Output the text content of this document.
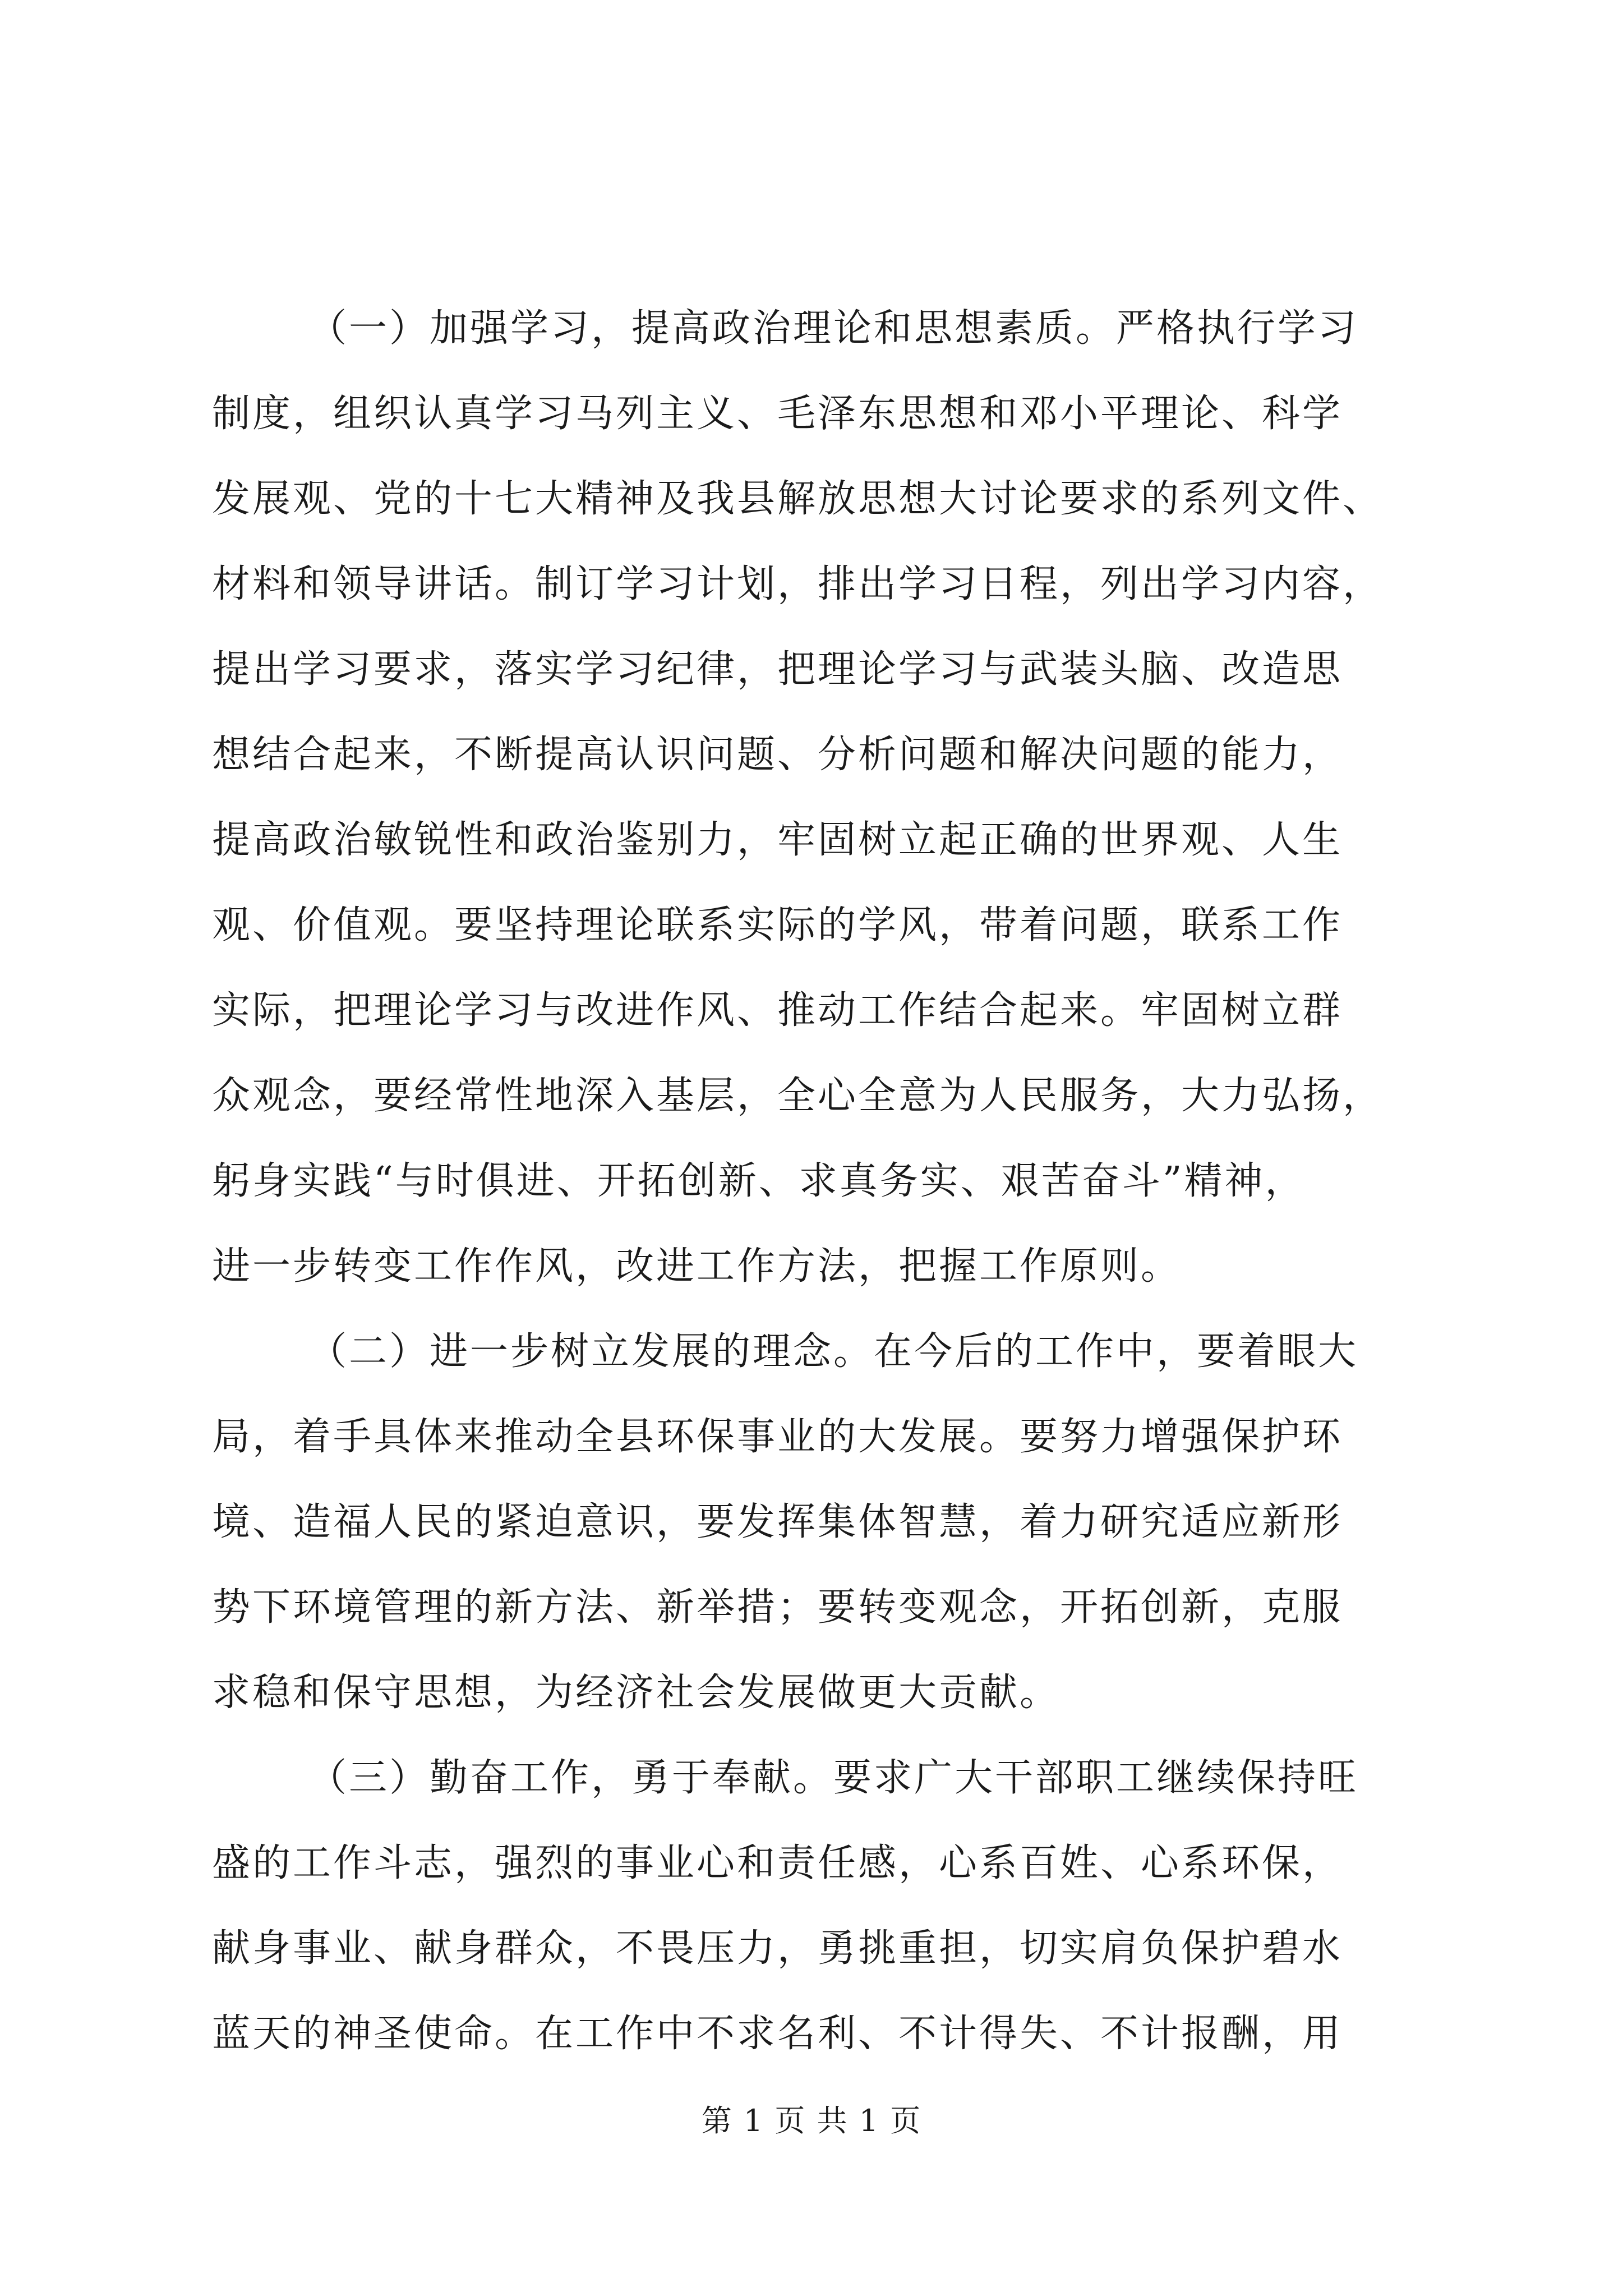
（一）加强学习，提高政治理论和思想素质。严格执行学习

制度，组织认真学习马列主义、毛泽东思想和邓小平理论、科学

发展观、党的十七大精神及我县解放思想大讨论要求的系列文件、

材料和领导讲话。制订学习计划，排出学习日程，列出学习内容，

提出学习要求，落实学习纪律，把理论学习与武装头脑、改造思

想结合起来，不断提高认识问题、分析问题和解决问题的能力，

提高政治敏锐性和政治鉴别力，牢固树立起正确的世界观、人生

观、价值观。要坚持理论联系实际的学风，带着问题，联系工作

实际，把理论学习与改进作风、推动工作结合起来。牢固树立群

众观念，要经常性地深入基层，全心全意为人民服务，大力弘扬，

躬身实践“与时俱进、开拓创新、求真务实、艰苦奋斗”精神，

进一步转变工作作风，改进工作方法，把握工作原则。

（二）进一步树立发展的理念。在今后的工作中，要着眼大

局，着手具体来推动全县环保事业的大发展。要努力增强保护环

境、造福人民的紧迫意识，要发挥集体智慧，着力研究适应新形

势下环境管理的新方法、新举措；要转变观念，开拓创新，克服

求稳和保守思想，为经济社会发展做更大贡献。

（三）勤奋工作，勇于奉献。要求广大干部职工继续保持旺

盛的工作斗志，强烈的事业心和责任感，心系百姓、心系环保，

献身事业、献身群众，不畏压力，勇挑重担，切实肩负保护碧水

蓝天的神圣使命。在工作中不求名利、不计得失、不计报酬，用

第 1 页 共 1 页
